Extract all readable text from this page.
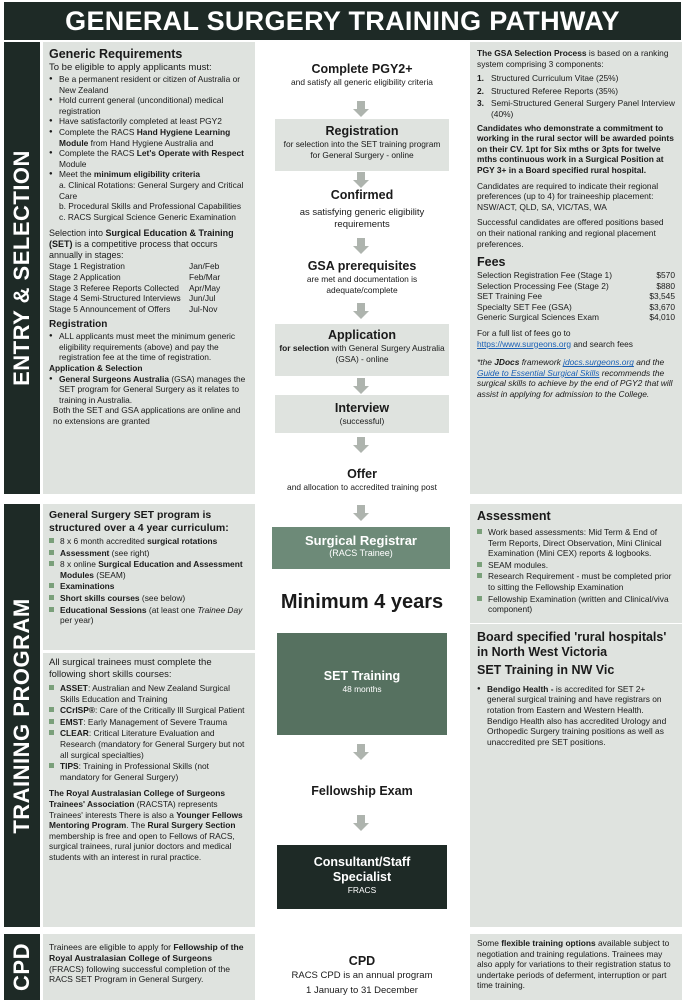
GENERAL SURGERY TRAINING PATHWAY
ENTRY & SELECTION
TRAINING PROGRAM
CPD
Generic Requirements

To be eligible to apply applicants must:

● Be a permanent resident or citizen of Australia or New Zealand
● Hold current general (unconditional) medical registration
● Have satisfactorily completed at least PGY2
● Complete the RACS Hand Hygiene Learning Module from Hand Hygiene Australia and
● Complete the RACS Let's Operate with Respect Module
● Meet the minimum eligibility criteria
a. Clinical Rotations: General Surgery and Critical Care
b. Procedural Skills and Professional Capabilities
c. RACS Surgical Science Generic Examination

Selection into Surgical Education & Training (SET) is a competitive process that occurs annually in stages:

Stage 1 Registration	Jan/Feb
Stage 2 Application	Feb/Mar
Stage 3 Referee Reports Collected	Apr/May
Stage 4 Semi-Structured Interviews Jun/Jul
Stage 5 Announcement of Offers	Jul-Nov
Registration
● ALL applicants must meet the minimum generic eligibility requirements (above) and pay the registration fee at the time of registration.

Application & Selection

● General Surgeons Australia (GSA) manages the SET program for General Surgery as it relates to training in Australia.

Both the SET and GSA applications are online and no extensions are granted

Complete PGY2+
and satisfy all generic eligibility criteria
Registration
for selection into the SET training program for General Surgery - online
Confirmed
as satisfying generic eligibility requirements
GSA prerequisites
are met and documentation is adequate/complete
Application
for selection with General Surgery Australia (GSA) - online
Interview
(successful)
Offer
and allocation to accredited training post
Surgical Registrar
(RACS Trainee)
Minimum 4 years
SET Training
48 months
Fellowship Exam
Consultant/Staff Specialist
FRACS
CPD
RACS CPD is an annual program
1 January to 31 December

The GSA Selection Process is based on a ranking system comprising 3 components:

1. Structured Curriculum Vitae (25%)
2. Structured Referee Reports (35%)
3. Semi-Structured General Surgery Panel Interview (40%)

Candidates who demonstrate a commitment to working in the rural sector will be awarded points on their CV. 1pt for Six mths or 3pts for twelve mths continuous work in a Surgical Position at PGY 3+ in a Board specified rural hospital.

Candidates are required to indicate their regional preferences (up to 4) for traineeship placement: NSW/ACT, QLD, SA, VIC/TAS, WA

Successful candidates are offered positions based on their national ranking and regional placement preferences.

Fees
Selection Registration Fee (Stage 1)	$570
Selection Processing Fee (Stage 2)	$880
SET Training Fee	$3,545
Specialty SET Fee (GSA)	$3,670
Generic Surgical Sciences Exam	$4,010

For a full list of fees go to

https://www.surgeons.org and search fees

*the JDocs framework jdocs.surgeons.org and the Guide to Essential Surgical Skills recommends the surgical skills to achieve by the end of PGY2 that will assist in applying for admission to the College.

General Surgery SET program is structured over a 4 year curriculum:
8 x 6 month accredited surgical rotations
Assessment (see right)
8 x online Surgical Education and Assessment Modules (SEAM)
Examinations
Short skills courses (see below)
Educational Sessions (at least one Trainee Day per year)

All surgical trainees must complete the following short skills courses:

ASSET: Australian and New Zealand Surgical Skills Education and Training
CCrISP®: Care of the Critically Ill Surgical Patient
EMST: Early Management of Severe Trauma
CLEAR: Critical Literature Evaluation and Research (mandatory for General Surgery but not all surgical specialties)
TIPS: Training in Professional Skills (not mandatory for General Surgery)

The Royal Australasian College of Surgeons Trainees' Association (RACSTA) represents Trainees' interests There is also a Younger Fellows Mentoring Program. The Rural Surgery Section membership is free and open to Fellows of RACS, surgical trainees, rural junior doctors and medical students with an interest in rural practice.

Assessment
Work based assessments: Mid Term & End of Term Reports, Direct Observation, Mini Clinical Examination (Mini CEX) reports & logbooks.
SEAM modules.
Research Requirement - must be completed prior to sitting the Fellowship Examination
Fellowship Examination (written and Clinical/viva component)
Board specified 'rural hospitals' in North West Victoria
SET Training in NW Vic
● Bendigo Health - is accredited for SET 2+ general surgical training and have registrars on rotation from Eastern and Western Health. Bendigo Health also has accredited Urology and Orthopedic Surgery training positions as well as unaccredited pre SET positions.

Trainees are eligible to apply for Fellowship of the Royal Australasian College of Surgeons (FRACS) following successful completion of the RACS SET Program in General Surgery.

Some flexible training options available subject to negotiation and training regulations. Trainees may also apply for variations to their registration status to undertake periods of deferment, interruption or part time training.
